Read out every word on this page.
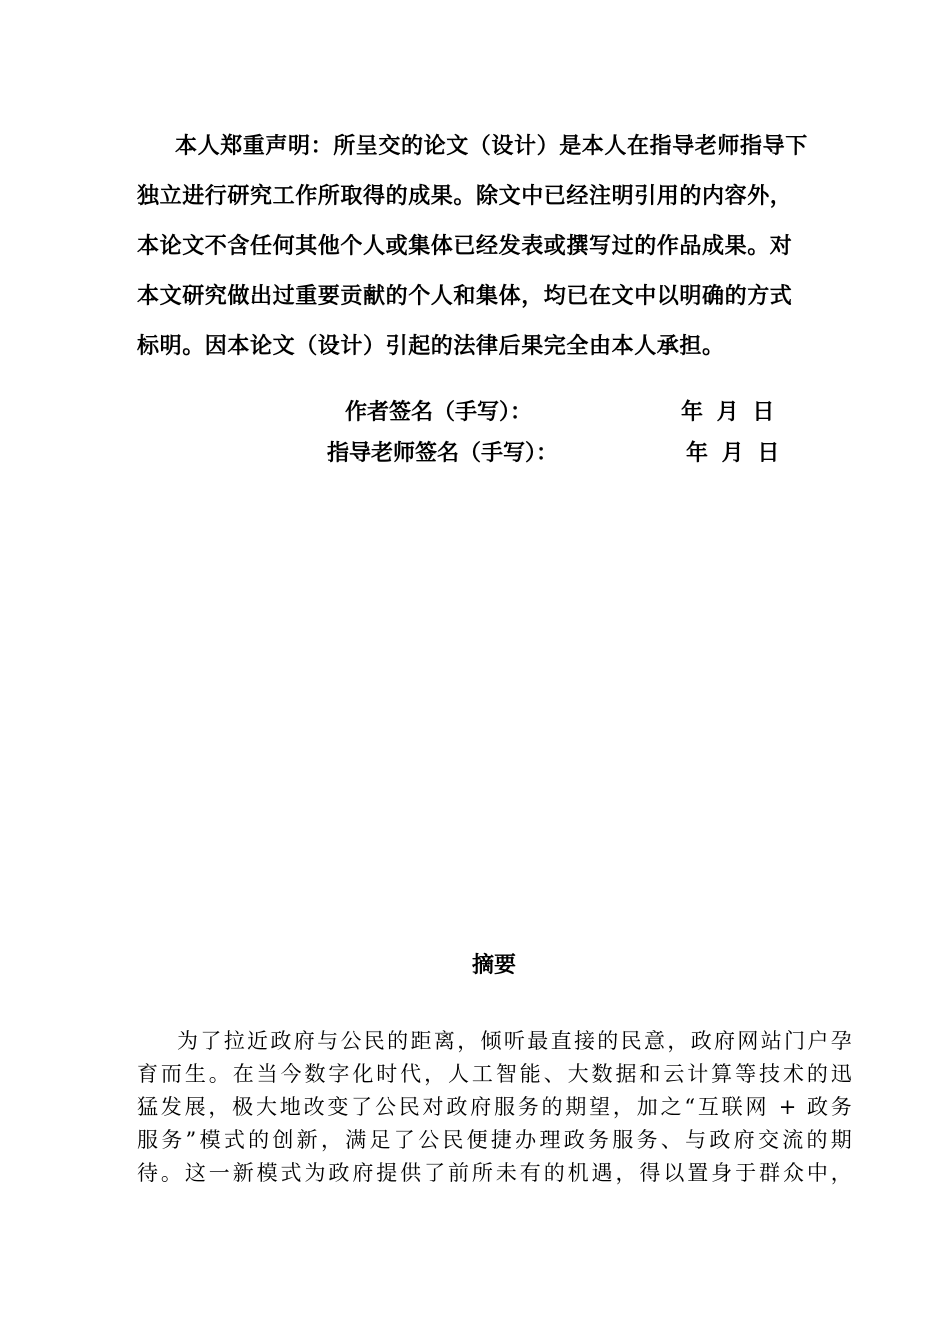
本人郑重声明：所呈交的论文（设计）是本人在指导老师指导下
独立进行研究工作所取得的成果。除文中已经注明引用的内容外，
本论文不含任何其他个人或集体已经发表或撰写过的作品成果。对
本文研究做出过重要贡献的个人和集体，均已在文中以明确的方式
标明。因本论文（设计）引起的法律后果完全由本人承担。
作者签名（手写）：	年 月 日
指导老师签名（手写）：	年 月 日
摘要
为了拉近政府与公民的距离，倾听最直接的民意，政府网站门户孕
育而生。在当今数字化时代，人工智能、大数据和云计算等技术的迅
猛发展，极大地改变了公民对政府服务的期望，加之“互联网 + 政务
服务”模式的创新，满足了公民便捷办理政务服务、与政府交流的期
待。这一新模式为政府提供了前所未有的机遇，得以置身于群众中，
